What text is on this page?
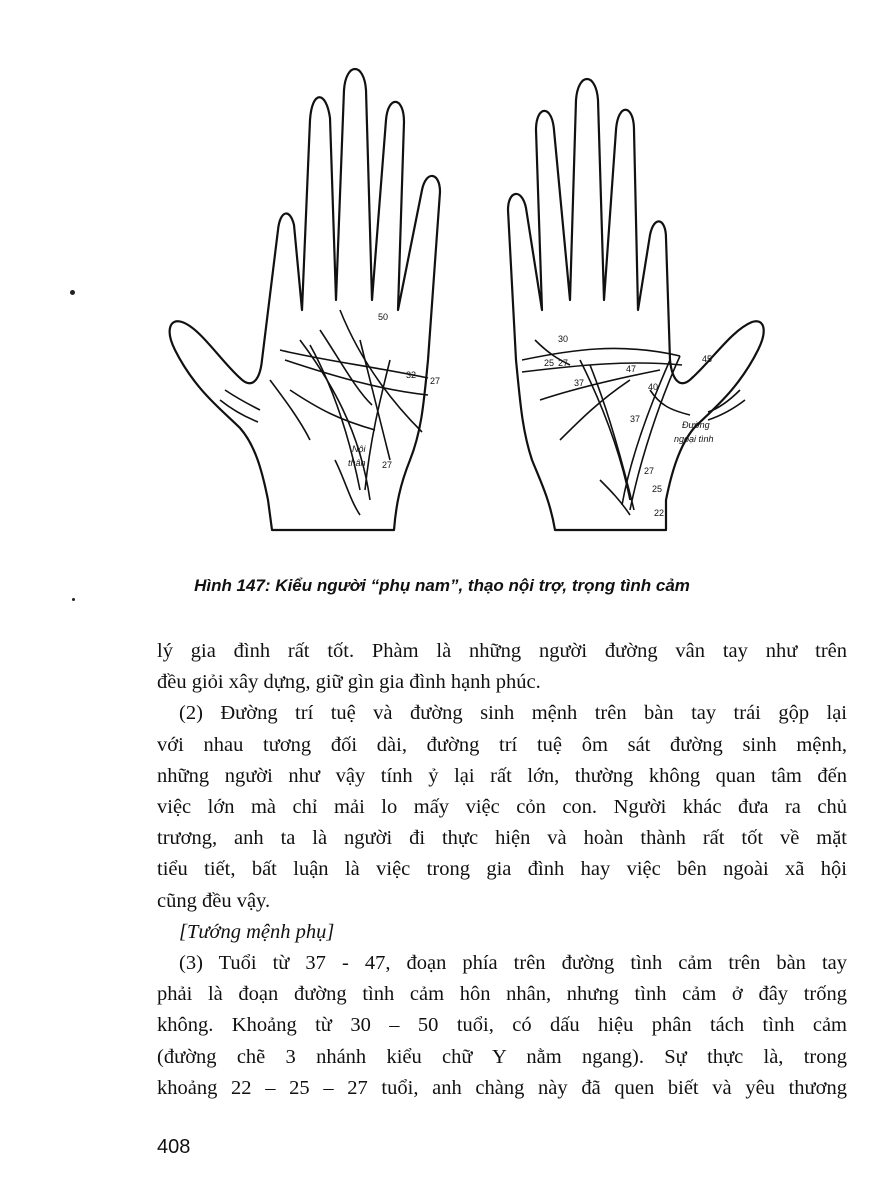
50
32
27
27
Nội
thân
30
25 27
37
47
45
40
37
27
25
22
Đường
ngoại tình
Hình 147: Kiểu người “phụ nam”, thạo nội trợ, trọng tình cảm
lý gia đình rất tốt. Phàm là những người đường vân tay như trên
đều giỏi xây dựng, giữ gìn gia đình hạnh phúc.
(2) Đường trí tuệ và đường sinh mệnh trên bàn tay trái gộp lại
với nhau tương đối dài, đường trí tuệ ôm sát đường sinh mệnh,
những người như vậy tính ỷ lại rất lớn, thường không quan tâm đến
việc lớn mà chỉ mải lo mấy việc cỏn con. Người khác đưa ra chủ
trương, anh ta là người đi thực hiện và hoàn thành rất tốt về mặt
tiểu tiết, bất luận là việc trong gia đình hay việc bên ngoài xã hội
cũng đều vậy.
[Tướng mệnh phụ]
(3) Tuổi từ 37 - 47, đoạn phía trên đường tình cảm trên bàn tay
phải là đoạn đường tình cảm hôn nhân, nhưng tình cảm ở đây trống
không. Khoảng từ 30 – 50 tuổi, có dấu hiệu phân tách tình cảm
(đường chẽ 3 nhánh kiểu chữ Y nằm ngang). Sự thực là, trong
khoảng 22 – 25 – 27 tuổi, anh chàng này đã quen biết và yêu thương
408
